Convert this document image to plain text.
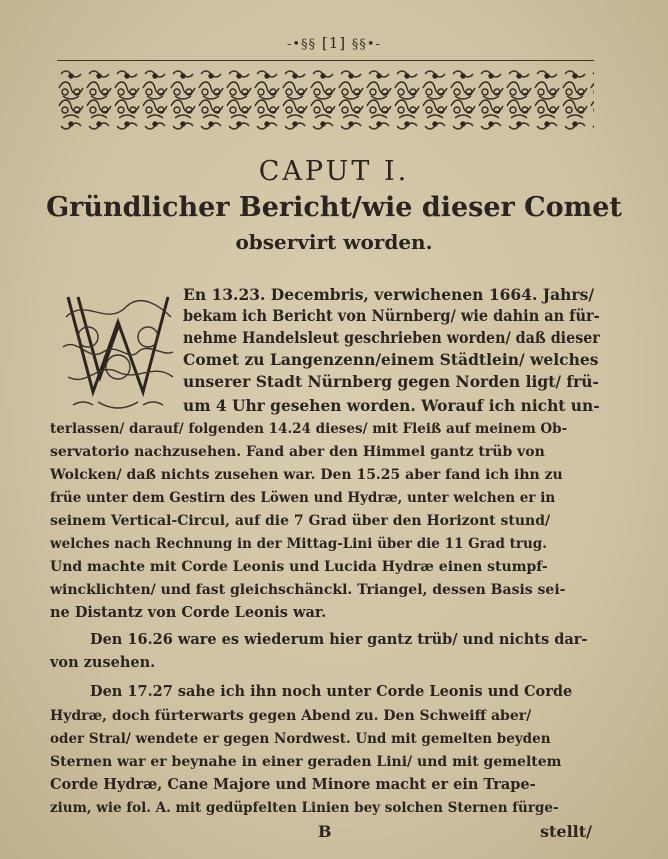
-•§§ [1] §§•-
CAPUT I.
Gründlicher Bericht/wie dieser Comet
observirt worden.
En 13.23. Decembris, verwichenen 1664. Jahrs/
bekam ich Bericht von Nürnberg/ wie dahin an für-
nehme Handelsleut geschrieben worden/ daß dieser
Comet zu Langenzenn/einem Städtlein/ welches
unserer Stadt Nürnberg gegen Norden ligt/ frü-
um 4 Uhr gesehen worden. Worauf ich nicht un-
terlassen/ darauf/ folgenden 14.24 dieses/ mit Fleiß auf meinem Ob-
servatorio nachzusehen. Fand aber den Himmel gantz trüb von
Wolcken/ daß nichts zusehen war. Den 15.25 aber fand ich ihn zu
früe unter dem Gestirn des Löwen und Hydræ, unter welchen er in
seinem Vertical-Circul, auf die 7 Grad über den Horizont stund/
welches nach Rechnung in der Mittag-Lini über die 11 Grad trug.
Und machte mit Corde Leonis und Lucida Hydræ einen stumpf-
wincklichten/ und fast gleichschänckl. Triangel, dessen Basis sei-
ne Distantz von Corde Leonis war.
Den 16.26 ware es wiederum hier gantz trüb/ und nichts dar-
von zusehen.
Den 17.27 sahe ich ihn noch unter Corde Leonis und Corde
Hydræ, doch fürterwarts gegen Abend zu. Den Schweiff aber/
oder Stral/ wendete er gegen Nordwest. Und mit gemelten beyden
Sternen war er beynahe in einer geraden Lini/ und mit gemeltem
Corde Hydræ, Cane Majore und Minore macht er ein Trape-
zium, wie fol. A. mit gedüpfelten Linien bey solchen Sternen fürge-
B	stellt/
